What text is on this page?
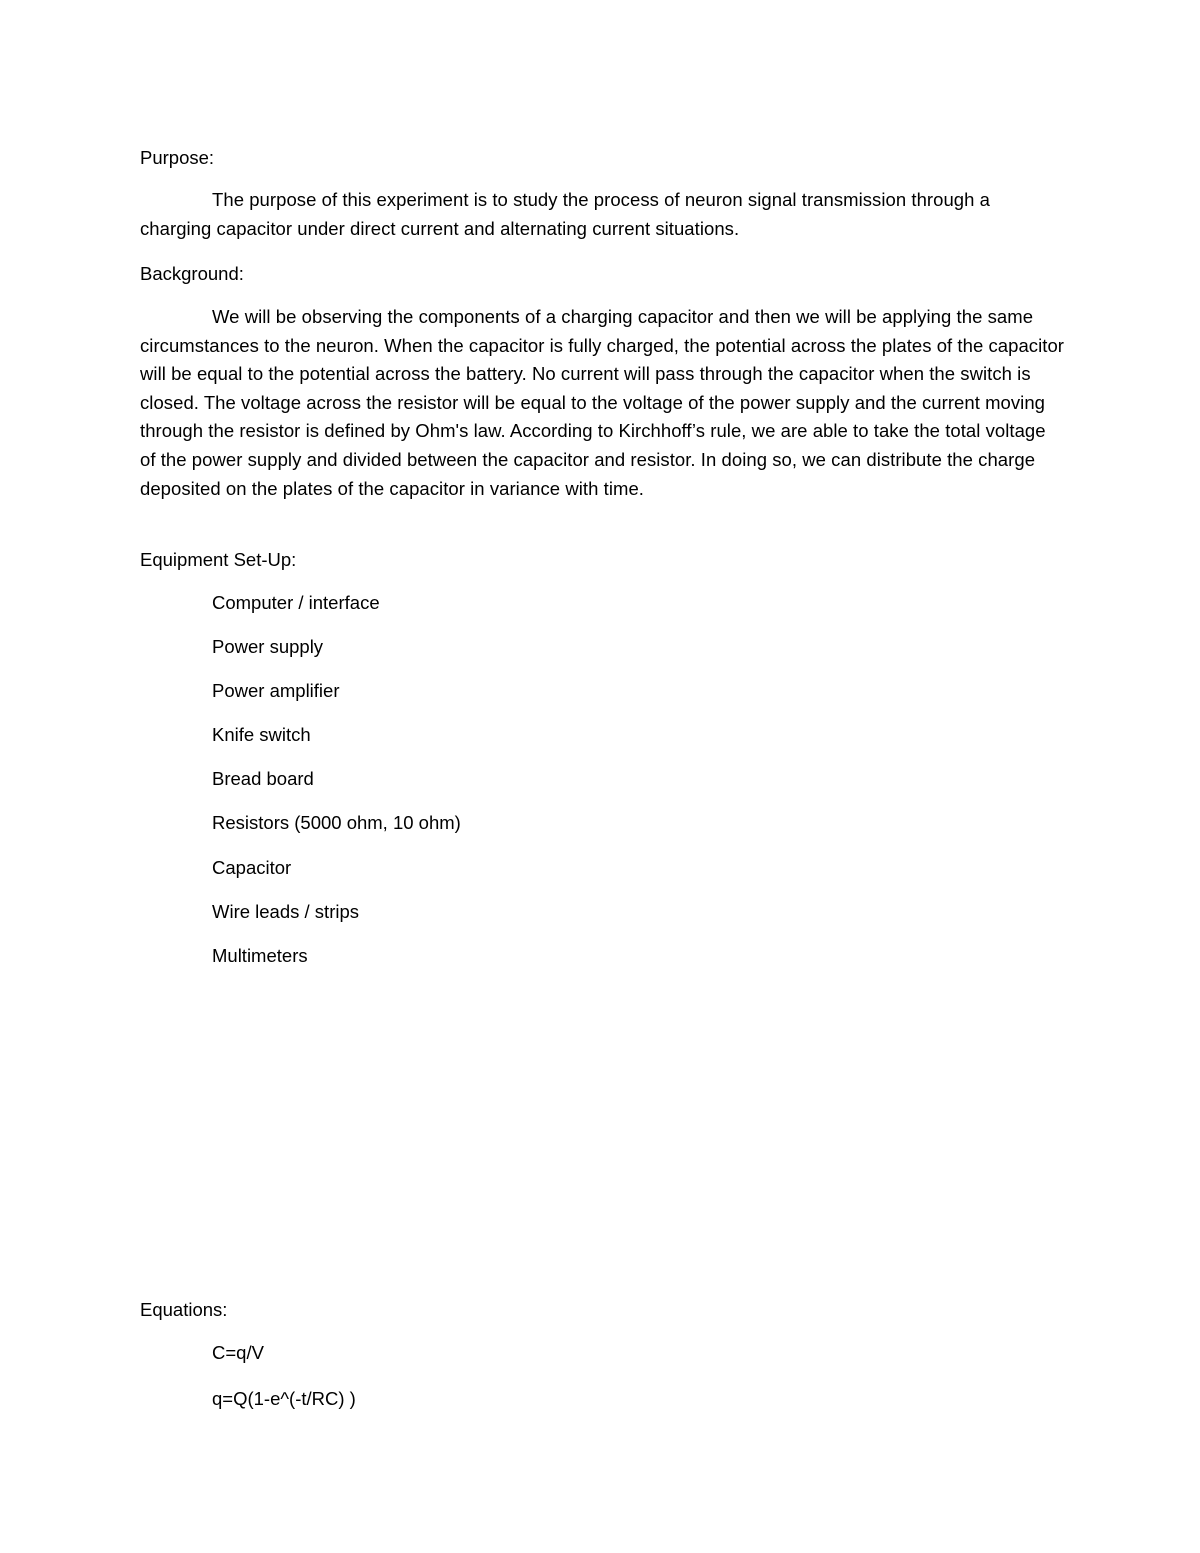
Purpose:

The purpose of this experiment is to study the process of neuron signal transmission through a charging capacitor under direct current and alternating current situations.

Background:

We will be observing the components of a charging capacitor and then we will be applying the same circumstances to the neuron. When the capacitor is fully charged, the potential across the plates of the capacitor will be equal to the potential across the battery. No current will pass through the capacitor when the switch is closed. The voltage across the resistor will be equal to the voltage of the power supply and the current moving through the resistor is defined by Ohm's law. According to Kirchhoff’s rule, we are able to take the total voltage of the power supply and divided between the capacitor and resistor. In doing so, we can distribute the charge deposited on the plates of the capacitor in variance with time.

Equipment Set-Up:
Computer / interface
Power supply
Power amplifier
Knife switch
Bread board
Resistors (5000 ohm, 10 ohm)
Capacitor
Wire leads / strips
Multimeters
Equations:

C=q/V

q=Q(1-e^(-t/RC) )
